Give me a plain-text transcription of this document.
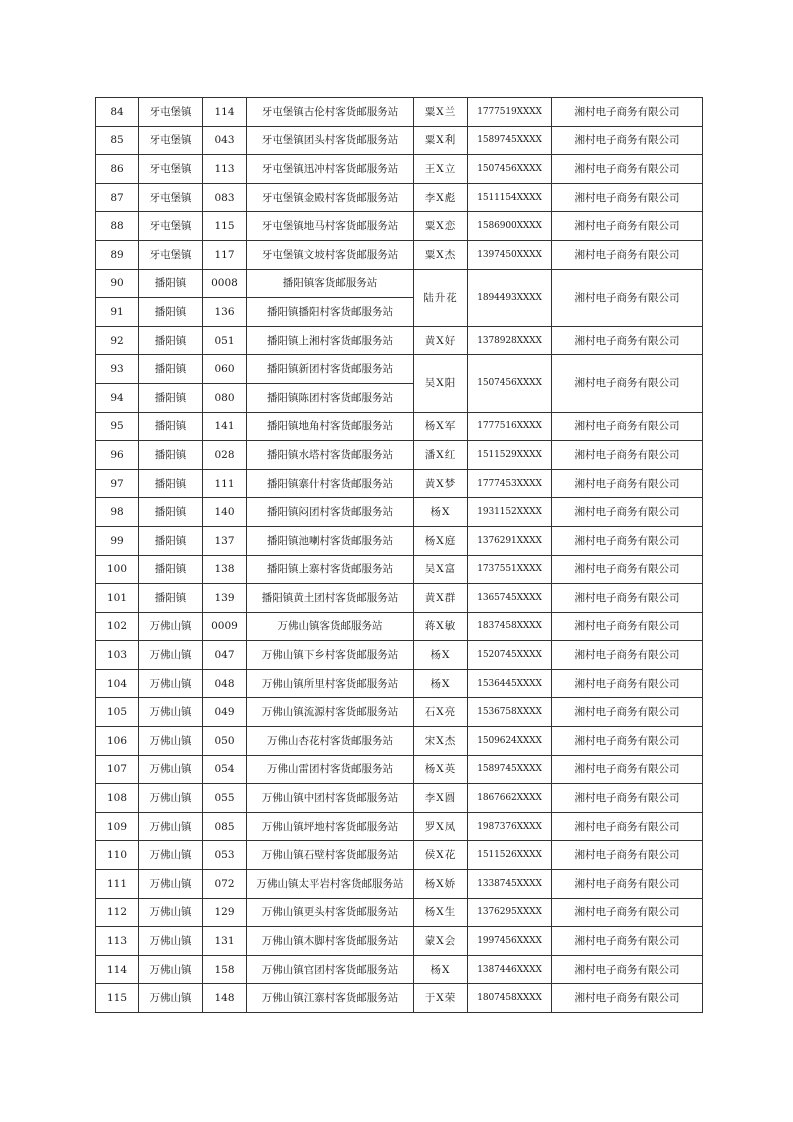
84	牙屯堡镇	114	牙屯堡镇古伦村客货邮服务站	粟X兰	1777519XXXX	湘村电子商务有限公司
85	牙屯堡镇	043	牙屯堡镇团头村客货邮服务站	粟X利	1589745XXXX	湘村电子商务有限公司
86	牙屯堡镇	113	牙屯堡镇迅冲村客货邮服务站	王X立	1507456XXXX	湘村电子商务有限公司
87	牙屯堡镇	083	牙屯堡镇金殿村客货邮服务站	李X彪	1511154XXXX	湘村电子商务有限公司
88	牙屯堡镇	115	牙屯堡镇地马村客货邮服务站	粟X恋	1586900XXXX	湘村电子商务有限公司
89	牙屯堡镇	117	牙屯堡镇文坡村客货邮服务站	粟X杰	1397450XXXX	湘村电子商务有限公司
90	播阳镇	0008	播阳镇客货邮服务站	陆升花	1894493XXXX	湘村电子商务有限公司
91	播阳镇	136	播阳镇播阳村客货邮服务站			
92	播阳镇	051	播阳镇上湘村客货邮服务站	黄X好	1378928XXXX	湘村电子商务有限公司
93	播阳镇	060	播阳镇新团村客货邮服务站	吴X阳	1507456XXXX	湘村电子商务有限公司
94	播阳镇	080	播阳镇陈团村客货邮服务站			
95	播阳镇	141	播阳镇地角村客货邮服务站	杨X军	1777516XXXX	湘村电子商务有限公司
96	播阳镇	028	播阳镇水塔村客货邮服务站	潘X红	1511529XXXX	湘村电子商务有限公司
97	播阳镇	111	播阳镇寨什村客货邮服务站	黄X梦	1777453XXXX	湘村电子商务有限公司
98	播阳镇	140	播阳镇闷团村客货邮服务站	杨X	1931152XXXX	湘村电子商务有限公司
99	播阳镇	137	播阳镇池喇村客货邮服务站	杨X庭	1376291XXXX	湘村电子商务有限公司
100	播阳镇	138	播阳镇上寨村客货邮服务站	吴X富	1737551XXXX	湘村电子商务有限公司
101	播阳镇	139	播阳镇黄土团村客货邮服务站	黄X群	1365745XXXX	湘村电子商务有限公司
102	万佛山镇	0009	万佛山镇客货邮服务站	蒋X敏	1837458XXXX	湘村电子商务有限公司
103	万佛山镇	047	万佛山镇下乡村客货邮服务站	杨X	1520745XXXX	湘村电子商务有限公司
104	万佛山镇	048	万佛山镇所里村客货邮服务站	杨X	1536445XXXX	湘村电子商务有限公司
105	万佛山镇	049	万佛山镇流源村客货邮服务站	石X亮	1536758XXXX	湘村电子商务有限公司
106	万佛山镇	050	万佛山杏花村客货邮服务站	宋X杰	1509624XXXX	湘村电子商务有限公司
107	万佛山镇	054	万佛山雷团村客货邮服务站	杨X英	1589745XXXX	湘村电子商务有限公司
108	万佛山镇	055	万佛山镇中团村客货邮服务站	李X圆	1867662XXXX	湘村电子商务有限公司
109	万佛山镇	085	万佛山镇坪地村客货邮服务站	罗X凤	1987376XXXX	湘村电子商务有限公司
110	万佛山镇	053	万佛山镇石壁村客货邮服务站	侯X花	1511526XXXX	湘村电子商务有限公司
111	万佛山镇	072	万佛山镇太平岩村客货邮服务站	杨X娇	1338745XXXX	湘村电子商务有限公司
112	万佛山镇	129	万佛山镇更头村客货邮服务站	杨X生	1376295XXXX	湘村电子商务有限公司
113	万佛山镇	131	万佛山镇木脚村客货邮服务站	蒙X会	1997456XXXX	湘村电子商务有限公司
114	万佛山镇	158	万佛山镇官团村客货邮服务站	杨X	1387446XXXX	湘村电子商务有限公司
115	万佛山镇	148	万佛山镇江寨村客货邮服务站	于X荣	1807458XXXX	湘村电子商务有限公司
